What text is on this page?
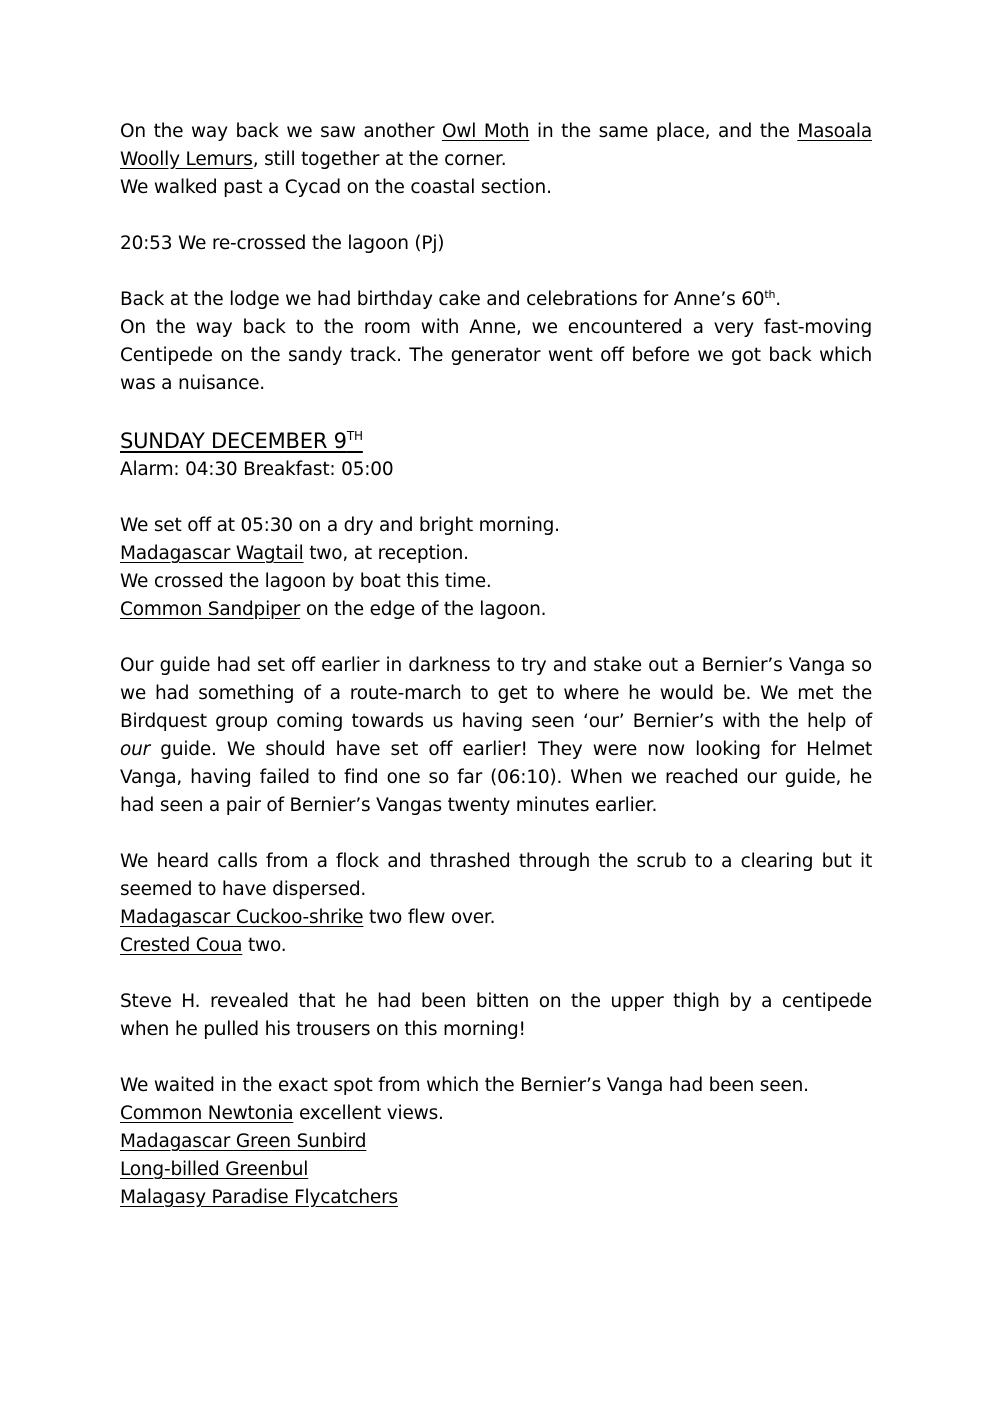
On the way back we saw another Owl Moth in the same place, and the Masoala Woolly Lemurs, still together at the corner.
We walked past a Cycad on the coastal section.

20:53 We re-crossed the lagoon (Pj)

Back at the lodge we had birthday cake and celebrations for Anne’s 60th.
On the way back to the room with Anne, we encountered a very fast-moving Centipede on the sandy track. The generator went off before we got back which was a nuisance.

SUNDAY DECEMBER 9TH

Alarm: 04:30 Breakfast: 05:00

We set off at 05:30 on a dry and bright morning.
Madagascar Wagtail two, at reception.
We crossed the lagoon by boat this time.
Common Sandpiper on the edge of the lagoon.

Our guide had set off earlier in darkness to try and stake out a Bernier’s Vanga so we had something of a route-march to get to where he would be. We met the Birdquest group coming towards us having seen ‘our’ Bernier’s with the help of our guide. We should have set off earlier! They were now looking for Helmet Vanga, having failed to find one so far (06:10). When we reached our guide, he had seen a pair of Bernier’s Vangas twenty minutes earlier.

We heard calls from a flock and thrashed through the scrub to a clearing but it seemed to have dispersed.
Madagascar Cuckoo-shrike two flew over.
Crested Coua two.

Steve H. revealed that he had been bitten on the upper thigh by a centipede when he pulled his trousers on this morning!

We waited in the exact spot from which the Bernier’s Vanga had been seen.
Common Newtonia excellent views.
Madagascar Green Sunbird
Long-billed Greenbul
Malagasy Paradise Flycatchers
